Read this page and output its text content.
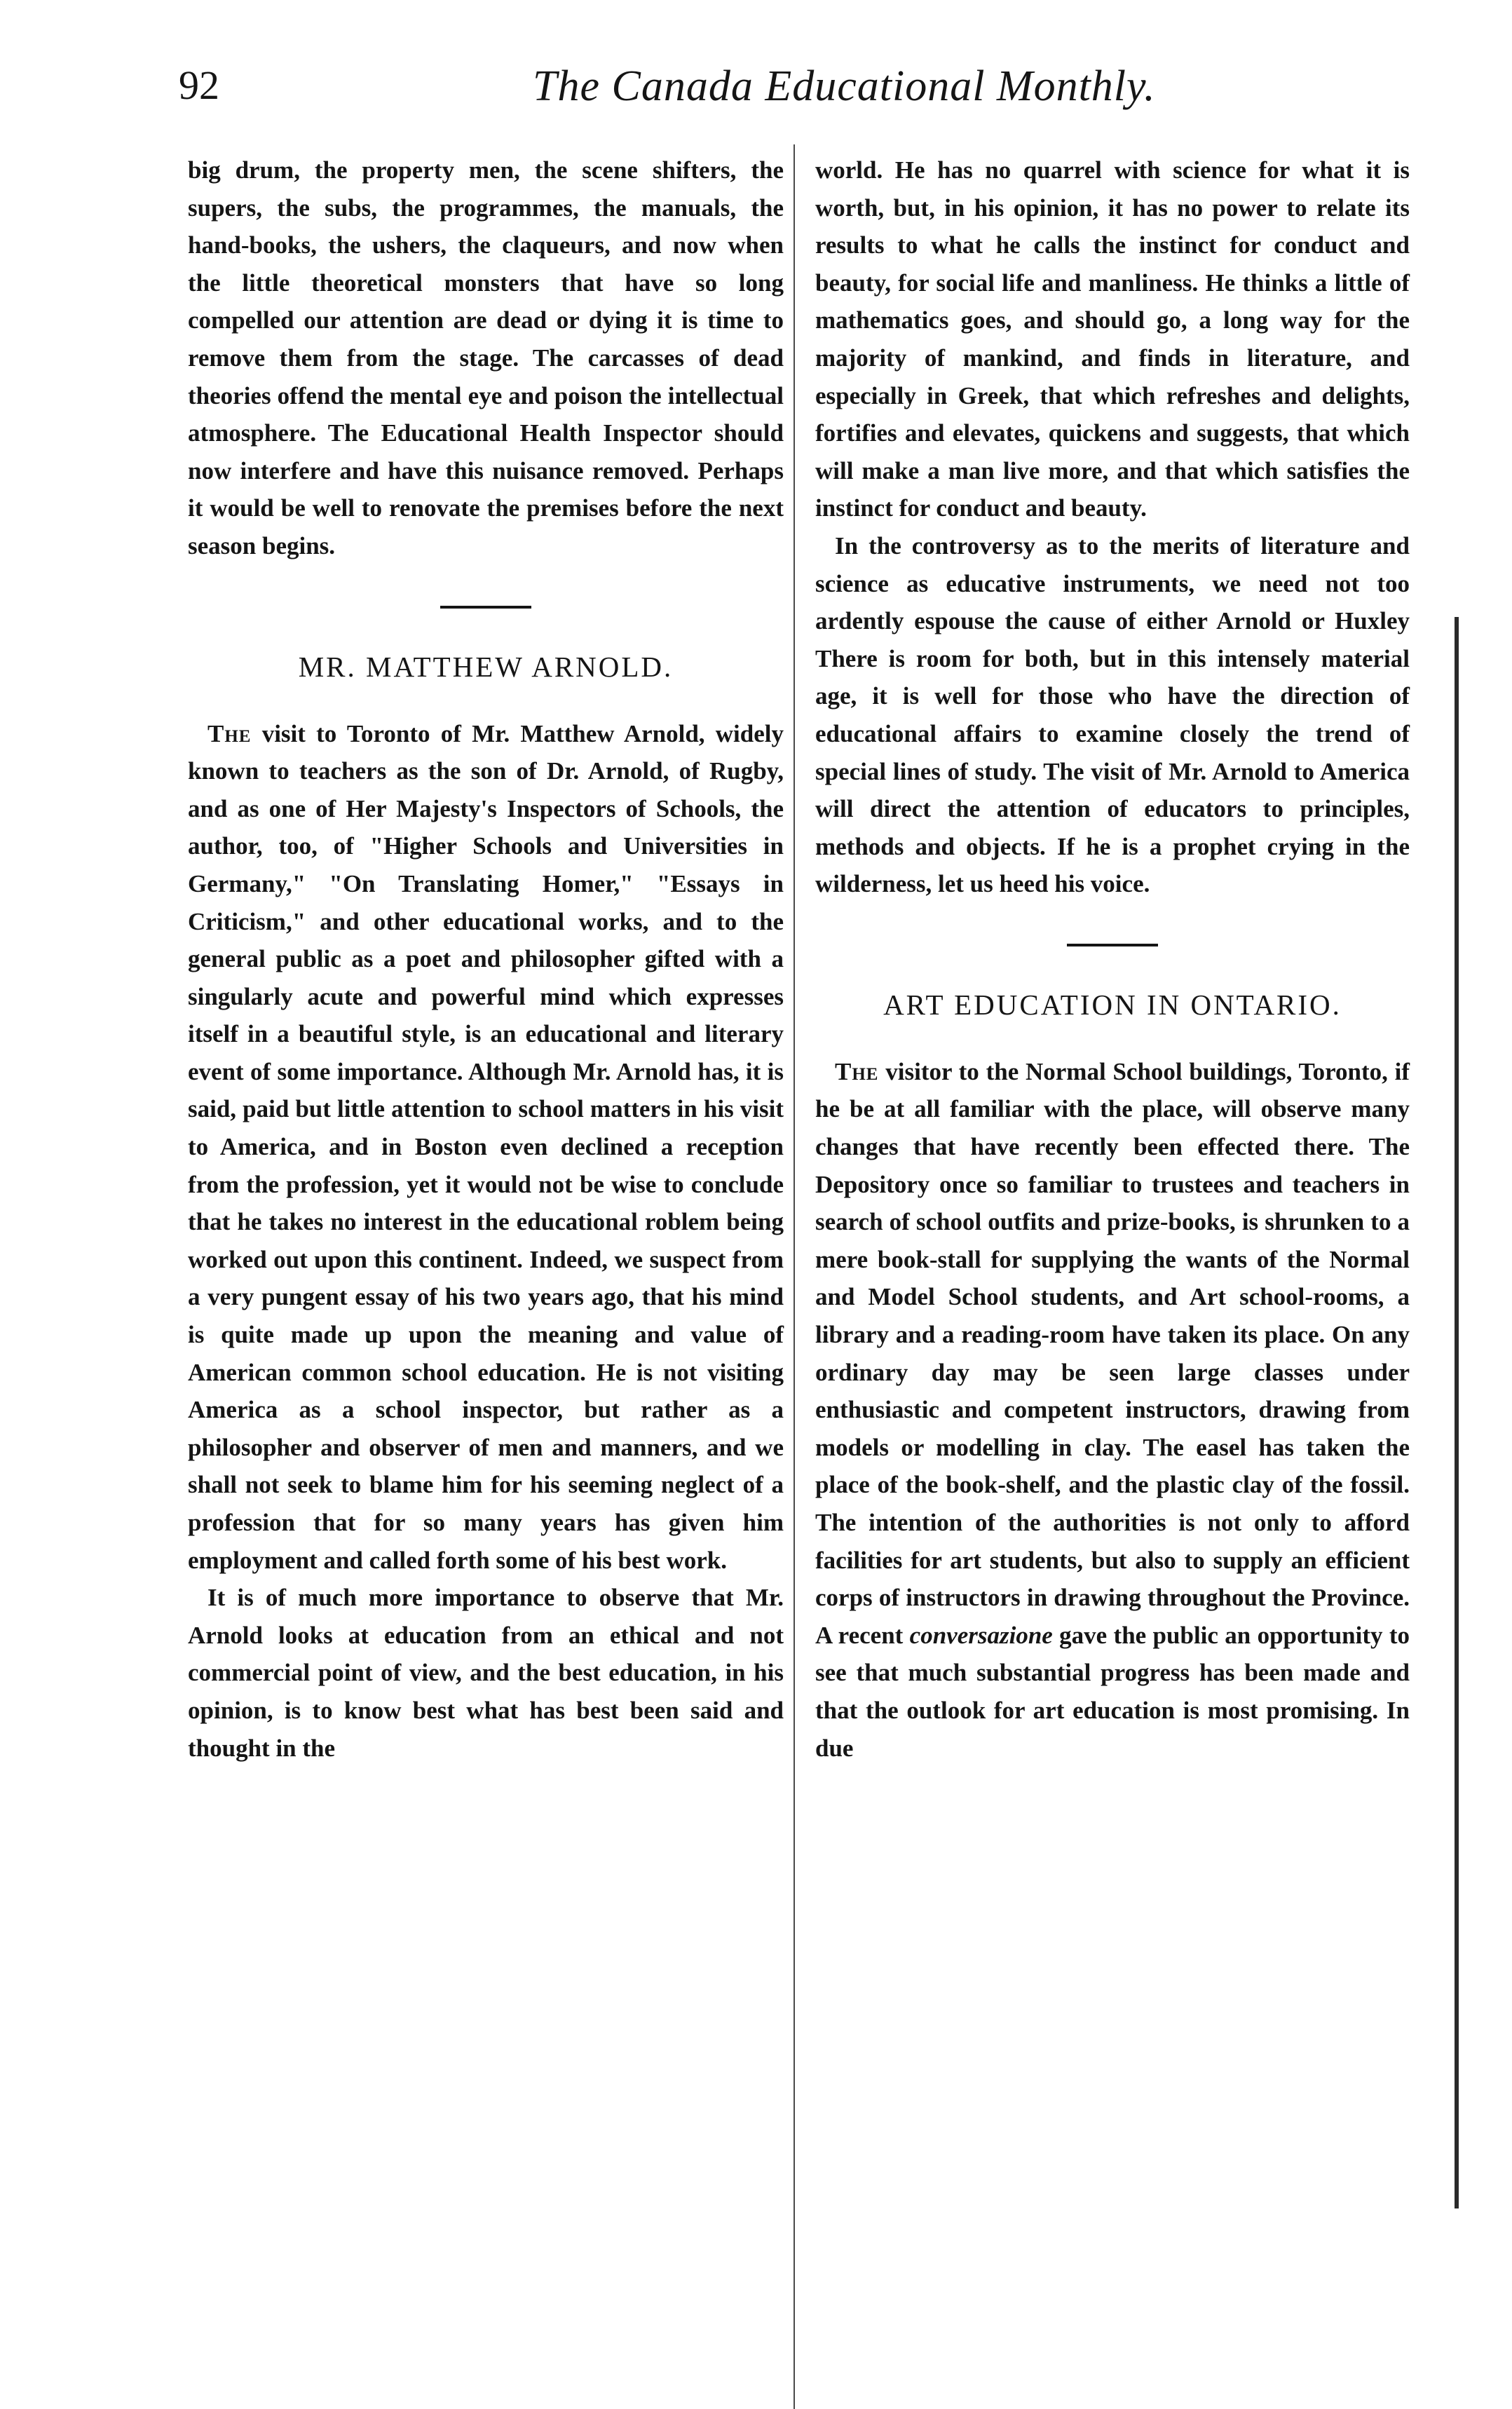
92	The Canada Educational Monthly.

big drum, the property men, the scene shifters, the supers, the subs, the programmes, the manuals, the hand-books, the ushers, the claqueurs, and now when the little theoretical monsters that have so long compelled our attention are dead or dying it is time to remove them from the stage. The carcasses of dead theories offend the mental eye and poison the intellectual atmosphere. The Educational Health Inspector should now interfere and have this nuisance removed. Perhaps it would be well to renovate the premises before the next season begins.

MR. MATTHEW ARNOLD.

The visit to Toronto of Mr. Matthew Arnold, widely known to teachers as the son of Dr. Arnold, of Rugby, and as one of Her Majesty's Inspectors of Schools, the author, too, of "Higher Schools and Universities in Germany," "On Translating Homer," "Essays in Criticism," and other educational works, and to the general public as a poet and philosopher gifted with a singularly acute and powerful mind which expresses itself in a beautiful style, is an educational and literary event of some importance. Although Mr. Arnold has, it is said, paid but little attention to school matters in his visit to America, and in Boston even declined a reception from the profession, yet it would not be wise to conclude that he takes no interest in the educational roblem being worked out upon this continent. Indeed, we suspect from a very pungent essay of his two years ago, that his mind is quite made up upon the meaning and value of American common school education. He is not visiting America as a school inspector, but rather as a philosopher and observer of men and manners, and we shall not seek to blame him for his seeming neglect of a profession that for so many years has given him employment and called forth some of his best work.

It is of much more importance to observe that Mr. Arnold looks at education from an ethical and not commercial point of view, and the best education, in his opinion, is to know best what has best been said and thought in the

world. He has no quarrel with science for what it is worth, but, in his opinion, it has no power to relate its results to what he calls the instinct for conduct and beauty, for social life and manliness. He thinks a little of mathematics goes, and should go, a long way for the majority of mankind, and finds in literature, and especially in Greek, that which refreshes and delights, fortifies and elevates, quickens and suggests, that which will make a man live more, and that which satisfies the instinct for conduct and beauty.

In the controversy as to the merits of literature and science as educative instruments, we need not too ardently espouse the cause of either Arnold or Huxley There is room for both, but in this intensely material age, it is well for those who have the direction of educational affairs to examine closely the trend of special lines of study. The visit of Mr. Arnold to America will direct the attention of educators to principles, methods and objects. If he is a prophet crying in the wilderness, let us heed his voice.

ART EDUCATION IN ONTARIO.

The visitor to the Normal School buildings, Toronto, if he be at all familiar with the place, will observe many changes that have recently been effected there. The Depository once so familiar to trustees and teachers in search of school outfits and prize-books, is shrunken to a mere book-stall for supplying the wants of the Normal and Model School students, and Art school-rooms, a library and a reading-room have taken its place. On any ordinary day may be seen large classes under enthusiastic and competent instructors, drawing from models or modelling in clay. The easel has taken the place of the book-shelf, and the plastic clay of the fossil. The intention of the authorities is not only to afford facilities for art students, but also to supply an efficient corps of instructors in drawing throughout the Province. A recent conversazione gave the public an opportunity to see that much substantial progress has been made and that the outlook for art education is most promising. In due
